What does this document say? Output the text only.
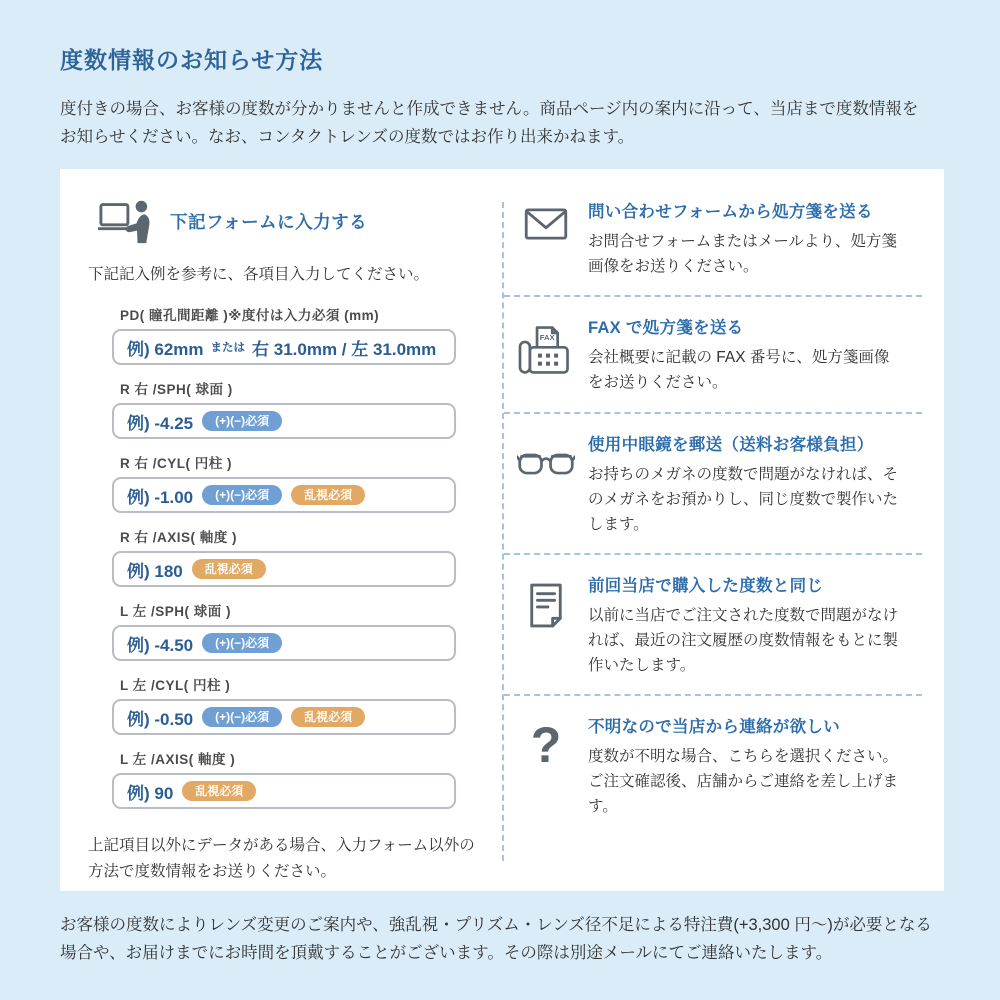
度数情報のお知らせ方法

度付きの場合、お客様の度数が分かりませんと作成できません。商品ページ内の案内に沿って、当店まで度数情報をお知らせください。なお、コンタクトレンズの度数ではお作り出来かねます。

下記フォームに入力する

下記記入例を参考に、各項目入力してください。

PD( 瞳孔間距離 )※度付は入力必須 (mm)
例) 62mm または 右 31.0mm / 左 31.0mm
R 右 /SPH( 球面 )
例) -4.25	(+)(−)必須
R 右 /CYL( 円柱 )
例) -1.00	(+)(−)必須	乱視必須
R 右 /AXIS( 軸度 )
例) 180	乱視必須
L 左 /SPH( 球面 )
例) -4.50	(+)(−)必須
L 左 /CYL( 円柱 )
例) -0.50	(+)(−)必須	乱視必須
L 左 /AXIS( 軸度 )
例) 90	乱視必須

上記項目以外にデータがある場合、入力フォーム以外の方法で度数情報をお送りください。

問い合わせフォームから処方箋を送る

お問合せフォームまたはメールより、処方箋画像をお送りください。

FAX

FAX で処方箋を送る

会社概要に記載の FAX 番号に、処方箋画像をお送りください。

使用中眼鏡を郵送（送料お客様負担）

お持ちのメガネの度数で問題がなければ、そのメガネをお預かりし、同じ度数で製作いたします。

前回当店で購入した度数と同じ

以前に当店でご注文された度数で問題がなければ、最近の注文履歴の度数情報をもとに製作いたします。

? 不明なので当店から連絡が欲しい

度数が不明な場合、こちらを選択ください。ご注文確認後、店舗からご連絡を差し上げます。

お客様の度数によりレンズ変更のご案内や、強乱視・プリズム・レンズ径不足による特注費(+3,300 円～)が必要となる場合や、お届けまでにお時間を頂戴することがございます。その際は別途メールにてご連絡いたします。
